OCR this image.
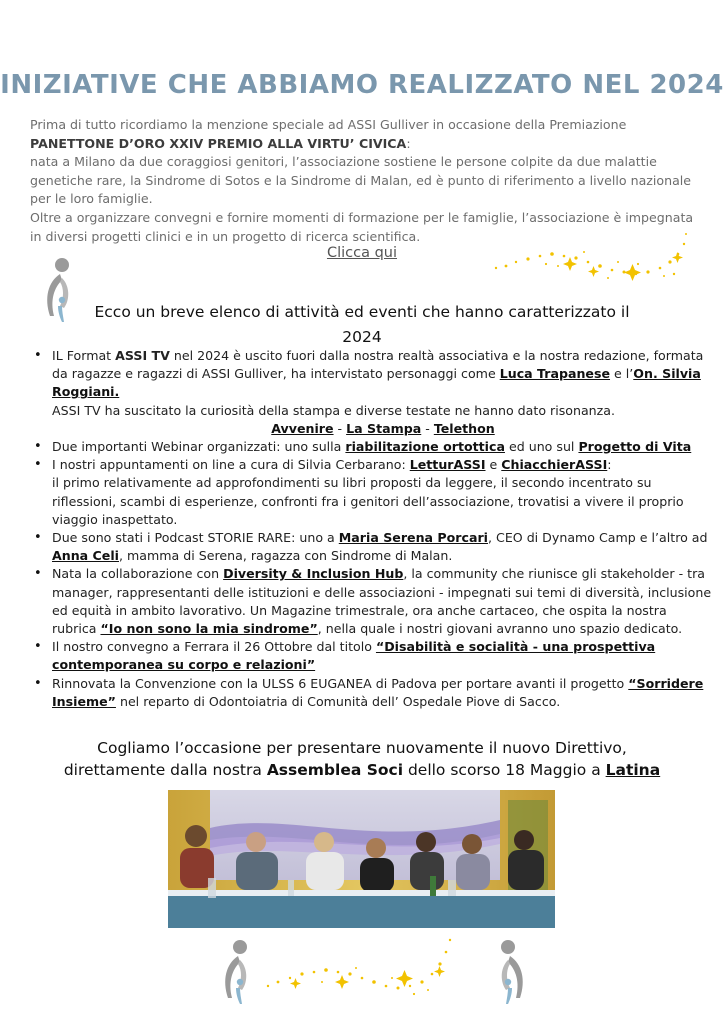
INIZIATIVE CHE ABBIAMO REALIZZATO NEL 2024

Prima di tutto ricordiamo la menzione speciale ad ASSI Gulliver in occasione della Premiazione PANETTONE D’ORO XXIV PREMIO ALLA VIRTU’ CIVICA:
nata a Milano da due coraggiosi genitori, l’associazione sostiene le persone colpite da due malattie genetiche rare, la Sindrome di Sotos e la Sindrome di Malan, ed è punto di riferimento a livello nazionale per le loro famiglie.
Oltre a organizzare convegni e fornire momenti di formazione per le famiglie, l’associazione è impegnata in diversi progetti clinici e in un progetto di ricerca scientifica.

Clicca qui

Ecco un breve elenco di attività ed eventi che hanno caratterizzato il 2024

• IL Format ASSI TV nel 2024 è uscito fuori dalla nostra realtà associativa e la nostra redazione, formata da ragazze e ragazzi di ASSI Gulliver, ha intervistato personaggi come Luca Trapanese e l’On. Silvia Roggiani.
ASSI TV ha suscitato la curiosità della stampa e diverse testate ne hanno dato risonanza.
Avvenire - La Stampa - Telethon
• Due importanti Webinar organizzati: uno sulla riabilitazione ortottica ed uno sul Progetto di Vita
• I nostri appuntamenti on line a cura di Silvia Cerbarano: LetturASSI e ChiacchierASSI:
il primo relativamente ad approfondimenti su libri proposti da leggere, il secondo incentrato su riflessioni, scambi di esperienze, confronti fra i genitori dell’associazione, trovatisi a vivere il proprio viaggio inaspettato.
• Due sono stati i Podcast STORIE RARE: uno a Maria Serena Porcari, CEO di Dynamo Camp e l’altro ad Anna Celi, mamma di Serena, ragazza con Sindrome di Malan.
• Nata la collaborazione con Diversity & Inclusion Hub, la community che riunisce gli stakeholder - tra manager, rappresentanti delle istituzioni e delle associazioni - impegnati sui temi di diversità, inclusione ed equità in ambito lavorativo. Un Magazine trimestrale, ora anche cartaceo, che ospita la nostra rubrica “Io non sono la mia sindrome”, nella quale i nostri giovani avranno uno spazio dedicato.
• Il nostro convegno a Ferrara il 26 Ottobre dal titolo “Disabilità e socialità - una prospettiva contemporanea su corpo e relazioni”
• Rinnovata la Convenzione con la ULSS 6 EUGANEA di Padova per portare avanti il progetto “Sorridere Insieme” nel reparto di Odontoiatria di Comunità dell’ Ospedale Piove di Sacco.

Cogliamo l’occasione per presentare nuovamente il nuovo Direttivo,
direttamente dalla nostra Assemblea Soci dello scorso 18 Maggio a Latina
